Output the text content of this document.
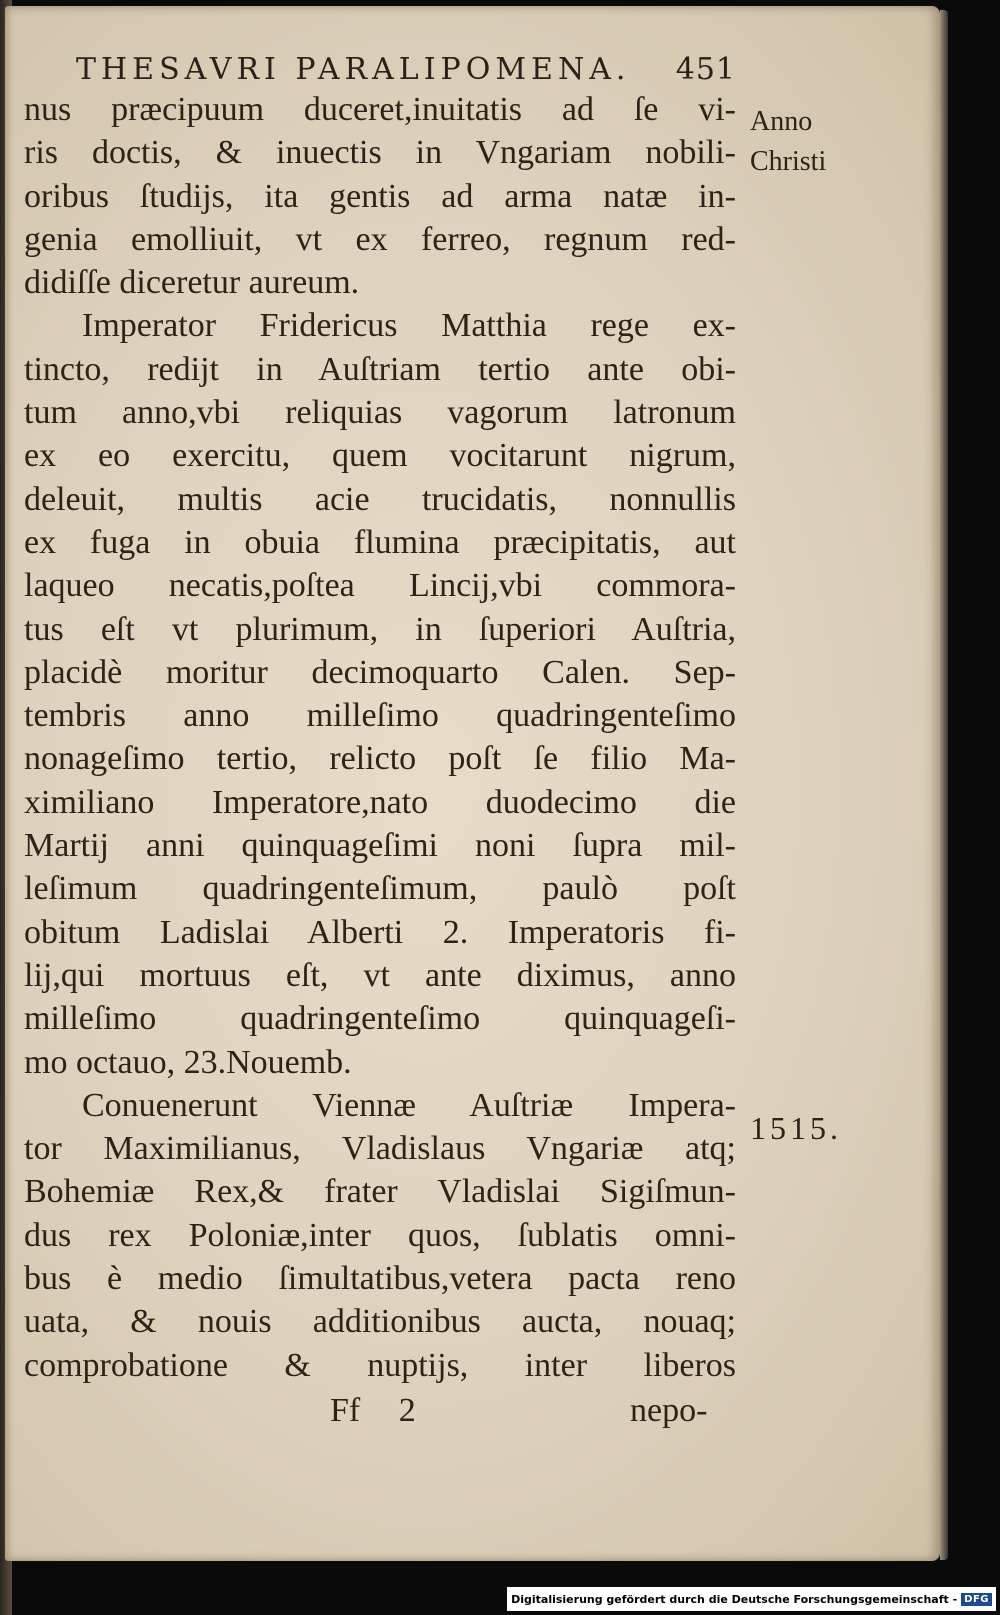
THESAVRI PARALIPOMENA. 451
nus præcipuum duceret,inuitatis ad ſe vi-
ris doctis, & inuectis in Vngariam nobili-
oribus ſtudijs, ita gentis ad arma natæ in-
genia emolliuit, vt ex ferreo, regnum red-
didiſſe diceretur aureum.
Imperator Fridericus Matthia rege ex-
tincto, redijt in Auſtriam tertio ante obi-
tum anno,vbi reliquias vagorum latronum
ex eo exercitu, quem vocitarunt nigrum,
deleuit, multis acie trucidatis, nonnullis
ex fuga in obuia flumina præcipitatis, aut
laqueo necatis,poſtea Lincij,vbi commora-
tus eſt vt plurimum, in ſuperiori Auſtria,
placidè moritur decimoquarto Calen. Sep-
tembris anno milleſimo quadringenteſimo
nonageſimo tertio, relicto poſt ſe filio Ma-
ximiliano Imperatore,nato duodecimo die
Martij anni quinquageſimi noni ſupra mil-
leſimum quadringenteſimum, paulò poſt
obitum Ladislai Alberti 2. Imperatoris fi-
lij,qui mortuus eſt, vt ante diximus, anno
milleſimo quadringenteſimo quinquageſi-
mo octauo, 23.Nouemb.
Conuenerunt Viennæ Auſtriæ Impera-
tor Maximilianus, Vladislaus Vngariæ atq;
Bohemiæ Rex,& frater Vladislai Sigiſmun-
dus rex Poloniæ,inter quos, ſublatis omni-
bus è medio ſimultatibus,vetera pacta reno
uata, & nouis additionibus aucta, nouaq;
comprobatione & nuptijs, inter liberos
Anno
Christi
1515.
Ff 2	nepo-
Digitalisierung gefördert durch die Deutsche Forschungsgemeinschaft - DFG
